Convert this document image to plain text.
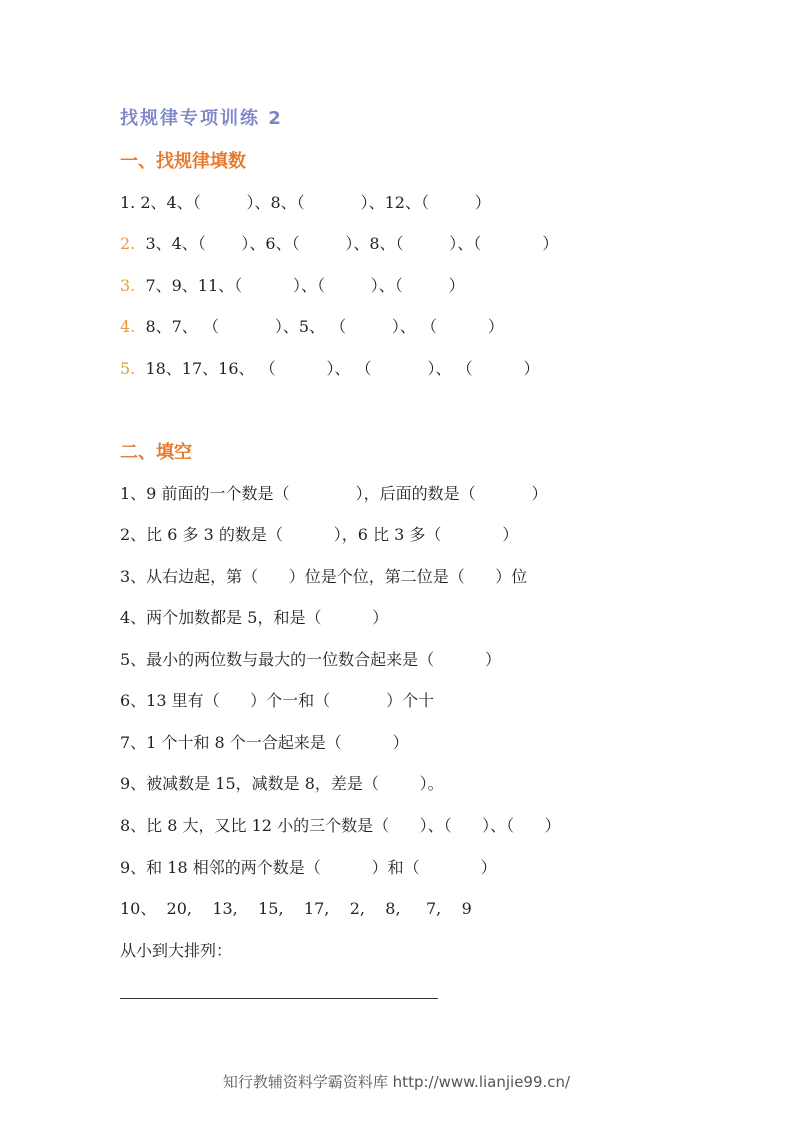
找规律专项训练 2
一、找规律填数
1. 2、4、（         ）、8、（           ）、12、（         ）
2.  3、4、（       ）、6、（         ）、8、（         ）、（            ）
3.  7、9、11、（          ）、（         ）、（         ）
4.  8、7、 （           ）、5、 （         ）、 （          ）
5.  18、17、16、 （          ）、 （           ）、 （          ）
二、填空
1、9 前面的一个数是（             ），后面的数是（           ）
2、比 6 多 3 的数是（          ），6 比 3 多（            ）
3、从右边起，第（      ）位是个位，第二位是（      ）位
4、两个加数都是 5，和是（          ）
5、最小的两位数与最大的一位数合起来是（          ）
6、13 里有（      ）个一和（           ）个十
7、1 个十和 8 个一合起来是（          ）
9、被减数是 15，减数是 8，差是（        ）。
8、比 8 大，又比 12 小的三个数是（      ）、（      ）、（      ）
9、和 18 相邻的两个数是（          ）和（            ）
10、  20,    13,    15,    17,    2,    8,     7,    9
从小到大排列：
知行教辅资料学霸资料库 http://www.lianjie99.cn/
